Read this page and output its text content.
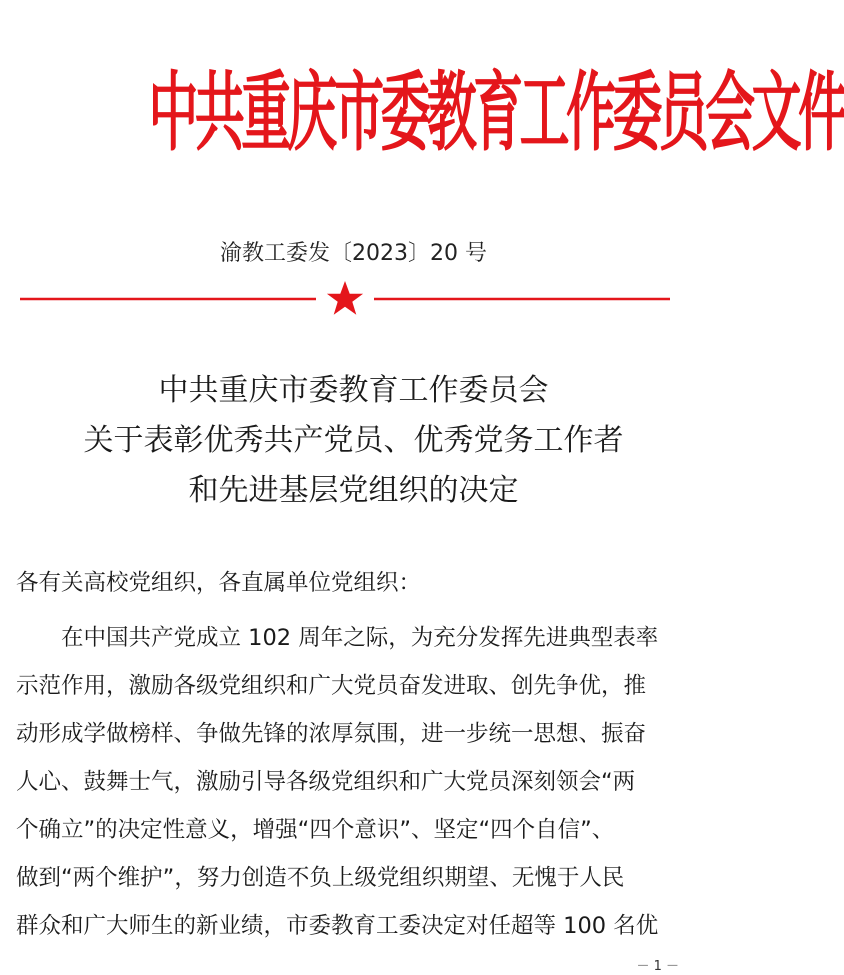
中共重庆市委教育工作委员会文件
渝教工委发〔2023〕20 号
中共重庆市委教育工作委员会
关于表彰优秀共产党员、优秀党务工作者
和先进基层党组织的决定
各有关高校党组织，各直属单位党组织：
在中国共产党成立 102 周年之际，为充分发挥先进典型表率
示范作用，激励各级党组织和广大党员奋发进取、创先争优，推
动形成学做榜样、争做先锋的浓厚氛围，进一步统一思想、振奋
人心、鼓舞士气，激励引导各级党组织和广大党员深刻领会“两
个确立”的决定性意义，增强“四个意识”、坚定“四个自信”、
做到“两个维护”，努力创造不负上级党组织期望、无愧于人民
群众和广大师生的新业绩，市委教育工委决定对任超等 100 名优
－ 1 －
